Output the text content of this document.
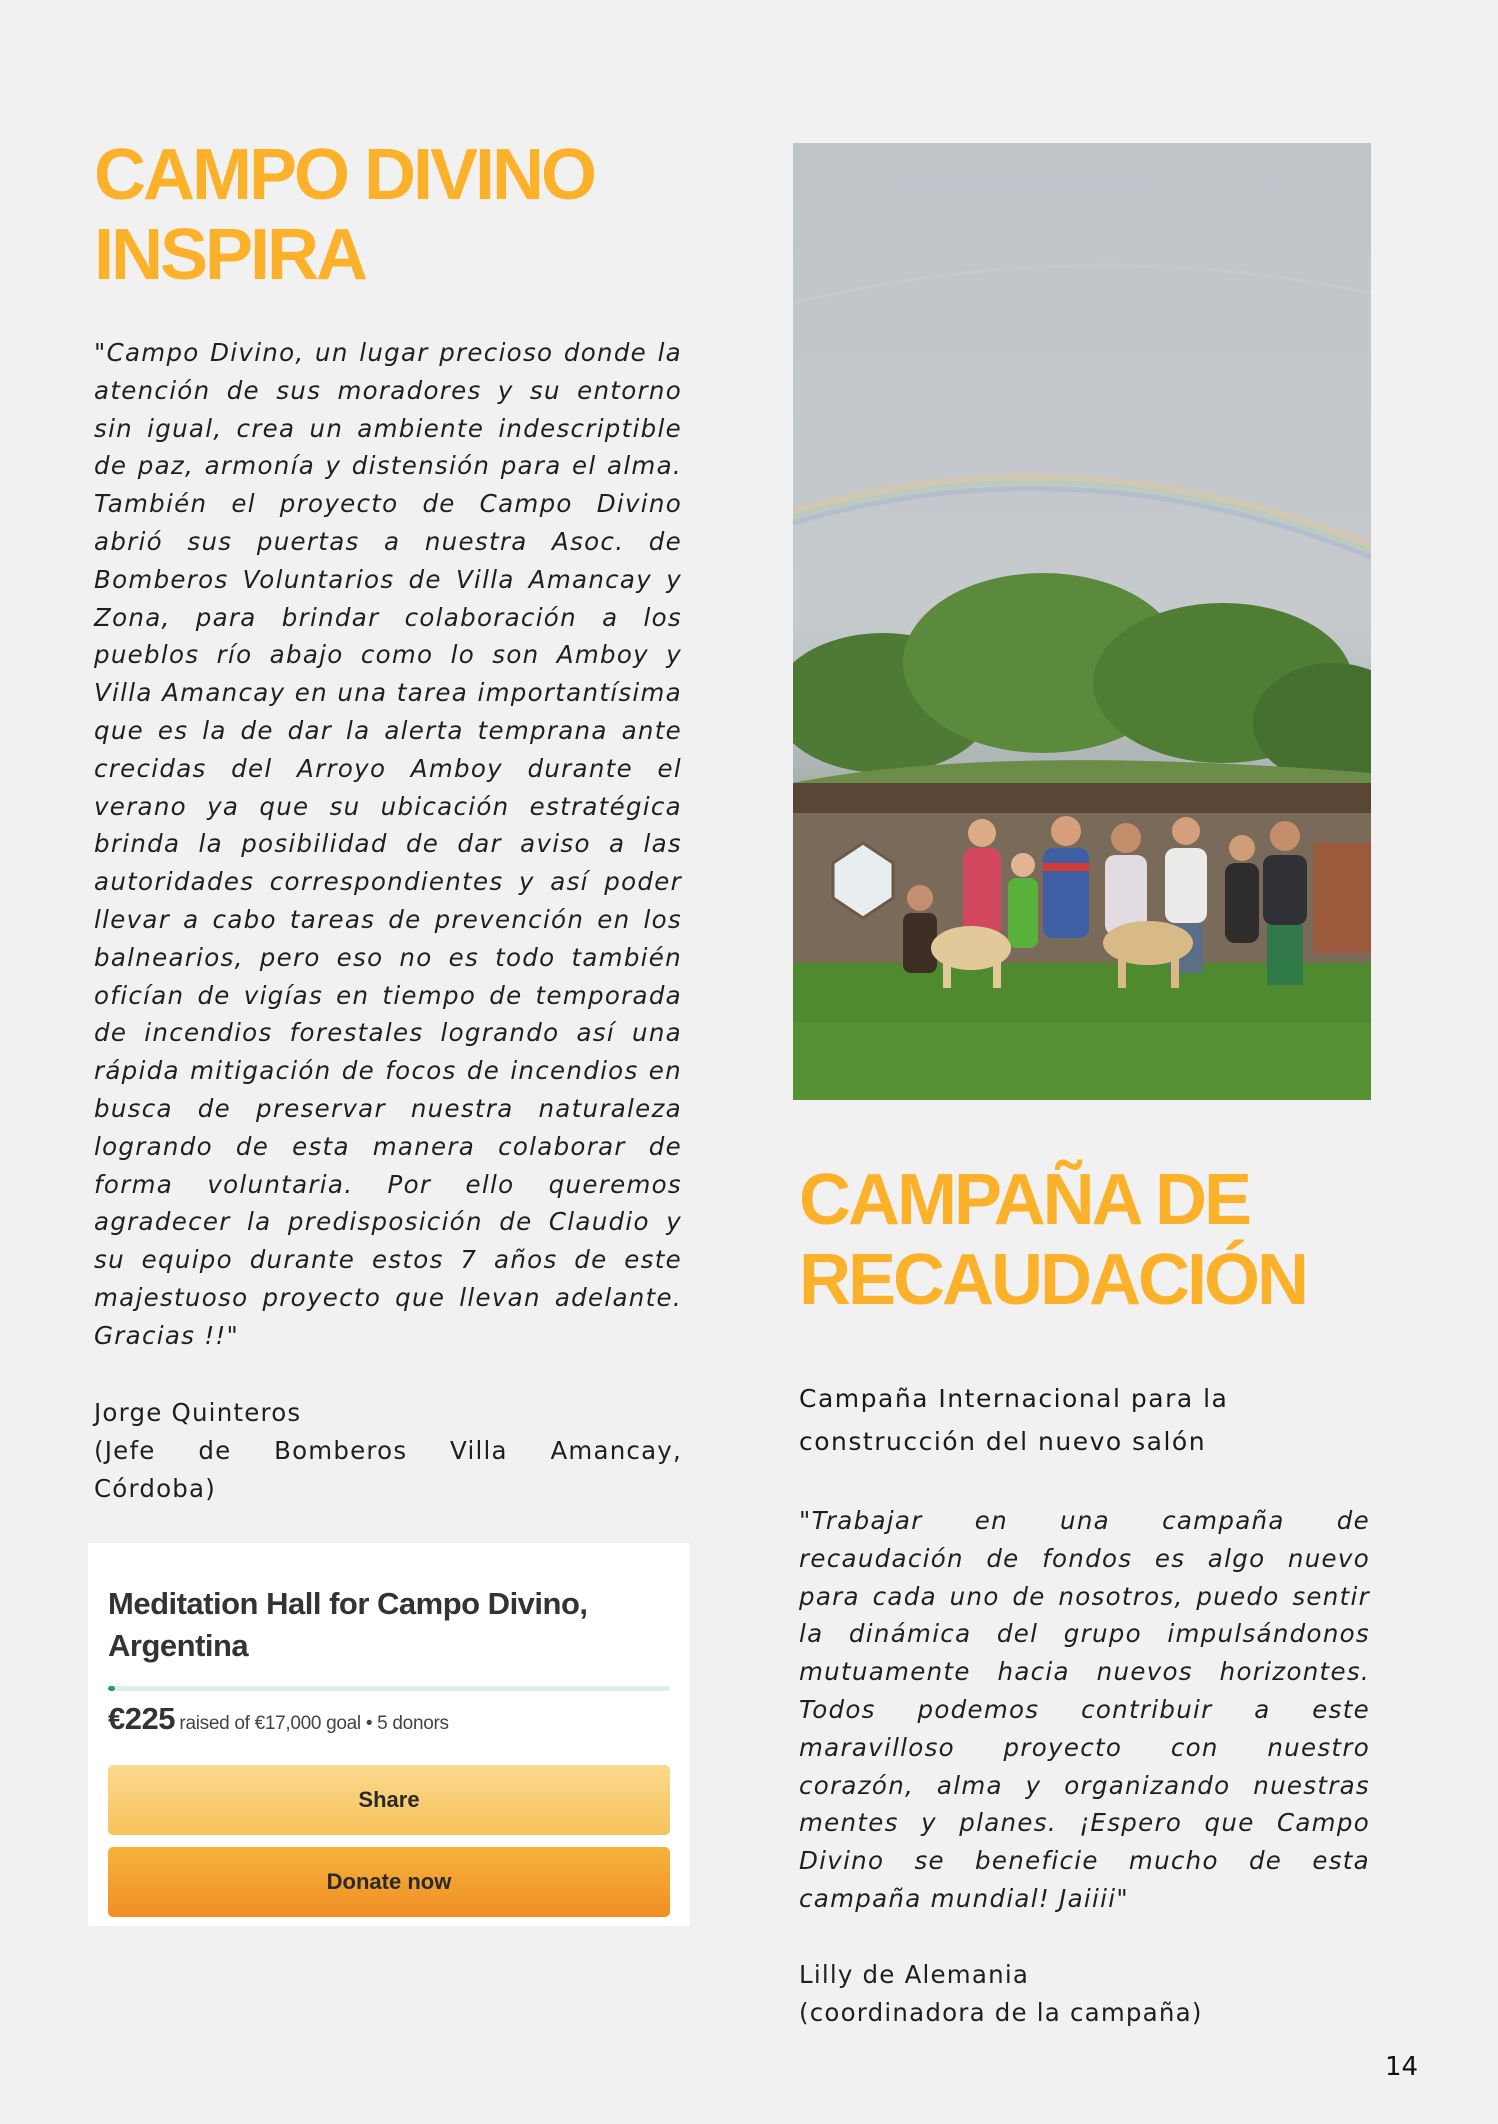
CAMPO DIVINO
INSPIRA

"Campo Divino, un lugar precioso donde la atención de sus moradores y su entorno sin igual, crea un ambiente indescriptible de paz, armonía y distensión para el alma. También el proyecto de Campo Divino abrió sus puertas a nuestra Asoc. de Bomberos Voluntarios de Villa Amancay y Zona, para brindar colaboración a los pueblos río abajo como lo son Amboy y Villa Amancay en una tarea importantísima que es la de dar la alerta temprana ante crecidas del Arroyo Amboy durante el verano ya que su ubicación estratégica brinda la posibilidad de dar aviso a las autoridades correspondientes y así poder llevar a cabo tareas de prevención en los balnearios, pero eso no es todo también oficían de vigías en tiempo de temporada de incendios forestales logrando así una rápida mitigación de focos de incendios en busca de preservar nuestra naturaleza logrando de esta manera colaborar de forma voluntaria. Por ello queremos agradecer la predisposición de Claudio y su equipo durante estos 7 años de este majestuoso proyecto que llevan adelante. Gracias !!"

Jorge Quinteros
(Jefe de Bomberos Villa Amancay,
Córdoba)
Meditation Hall for Campo Divino, Argentina
€225 raised of €17,000 goal • 5 donors
Share
Donate now
CAMPAÑA DE
RECAUDACIÓN

Campaña Internacional para la construcción del nuevo salón

"Trabajar en una campaña de recaudación de fondos es algo nuevo para cada uno de nosotros, puedo sentir la dinámica del grupo impulsándonos mutuamente hacia nuevos horizontes. Todos podemos contribuir a este maravilloso proyecto con nuestro corazón, alma y organizando nuestras mentes y planes. ¡Espero que Campo Divino se beneficie mucho de esta campaña mundial! Jaiiii"

Lilly de Alemania
(coordinadora de la campaña)
14
